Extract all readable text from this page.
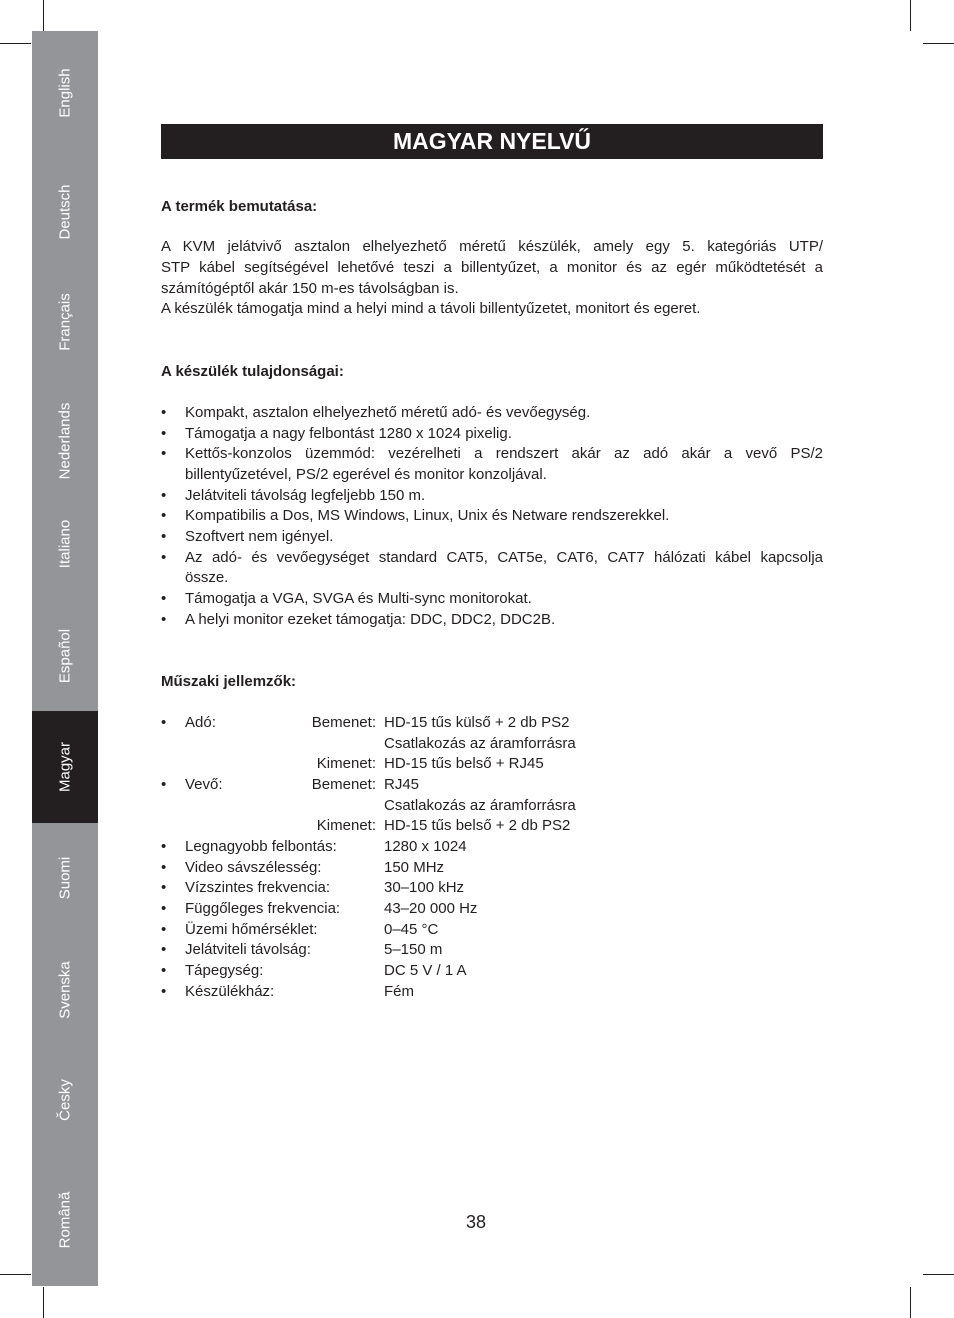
English
Deutsch
Français
Nederlands
Italiano
Español
Magyar
Suomi
Svenska
Česky
Română
MAGYAR NYELVŰ
A termék bemutatása:
A KVM jelátvivő asztalon elhelyezhető méretű készülék, amely egy 5. kategóriás UTP/
STP kábel segítségével lehetővé teszi a billentyűzet, a monitor és az egér működtetését a
számítógéptől akár 150 m-es távolságban is.
A készülék támogatja mind a helyi mind a távoli billentyűzetet, monitort és egeret.
A készülék tulajdonságai:
• Kompakt, asztalon elhelyezhető méretű adó- és vevőegység.
• Támogatja a nagy felbontást 1280 x 1024 pixelig.
• Kettős-konzolos üzemmód: vezérelheti a rendszert akár az adó akár a vevő PS/2
billentyűzetével, PS/2 egerével és monitor konzoljával.
• Jelátviteli távolság legfeljebb 150 m.
• Kompatibilis a Dos, MS Windows, Linux, Unix és Netware rendszerekkel.
• Szoftvert nem igényel.
• Az adó- és vevőegységet standard CAT5, CAT5e, CAT6, CAT7 hálózati kábel kapcsolja
össze.
• Támogatja a VGA, SVGA és Multi-sync monitorokat.
• A helyi monitor ezeket támogatja: DDC, DDC2, DDC2B.
Műszaki jellemzők:
• Adó:	Bemenet: HD-15 tűs külső + 2 db PS2
Csatlakozás az áramforrásra
Kimenet: HD-15 tűs belső + RJ45
• Vevő:	Bemenet: RJ45
Csatlakozás az áramforrásra
Kimenet: HD-15 tűs belső + 2 db PS2
• Legnagyobb felbontás:	1280 x 1024
• Video sávszélesség:	150 MHz
• Vízszintes frekvencia:	30–100 kHz
• Függőleges frekvencia:	43–20 000 Hz
• Üzemi hőmérséklet:	0–45 °C
• Jelátviteli távolság:	5–150 m
• Tápegység:	DC 5 V / 1 A
• Készülékház:	Fém
38
